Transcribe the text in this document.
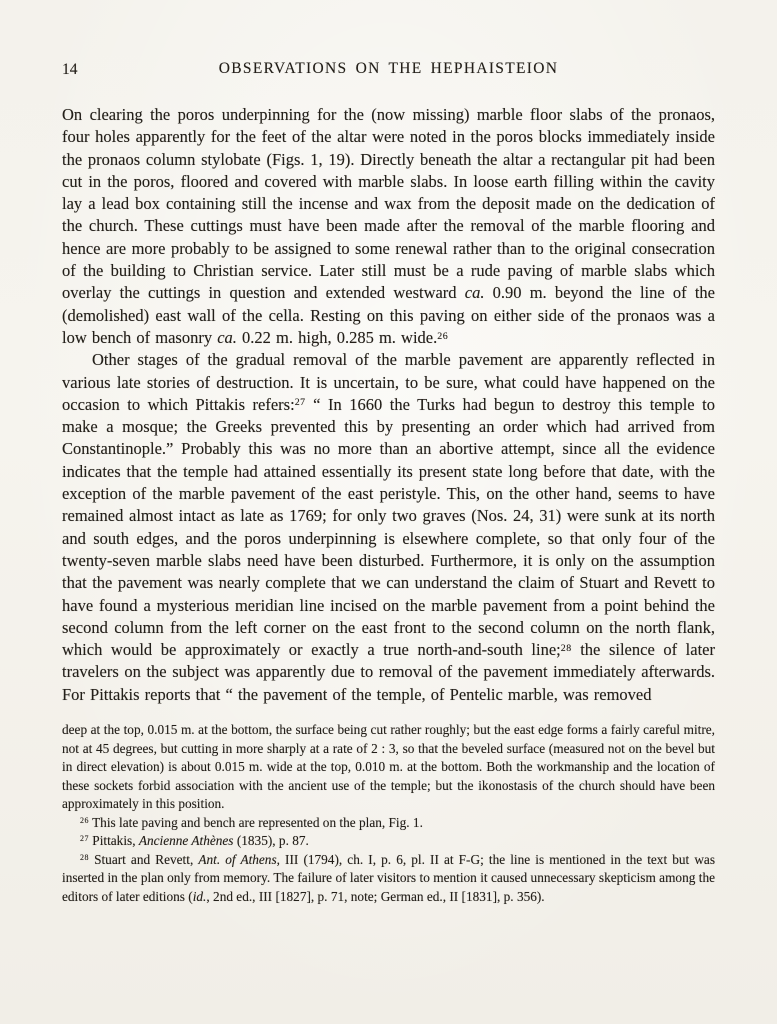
14	OBSERVATIONS ON THE HEPHAISTEION

On clearing the poros underpinning for the (now missing) marble floor slabs of the pronaos, four holes apparently for the feet of the altar were noted in the poros blocks immediately inside the pronaos column stylobate (Figs. 1, 19). Directly beneath the altar a rectangular pit had been cut in the poros, floored and covered with marble slabs. In loose earth filling within the cavity lay a lead box containing still the incense and wax from the deposit made on the dedication of the church. These cuttings must have been made after the removal of the marble flooring and hence are more probably to be assigned to some renewal rather than to the original consecration of the building to Christian service. Later still must be a rude paving of marble slabs which overlay the cuttings in question and extended westward ca. 0.90 m. beyond the line of the (demolished) east wall of the cella. Resting on this paving on either side of the pronaos was a low bench of masonry ca. 0.22 m. high, 0.285 m. wide.$^{26}$

Other stages of the gradual removal of the marble pavement are apparently reflected in various late stories of destruction. It is uncertain, to be sure, what could have happened on the occasion to which Pittakis refers:$^{27}$ “ In 1660 the Turks had begun to destroy this temple to make a mosque; the Greeks prevented this by presenting an order which had arrived from Constantinople.” Probably this was no more than an abortive attempt, since all the evidence indicates that the temple had attained essentially its present state long before that date, with the exception of the marble pavement of the east peristyle. This, on the other hand, seems to have remained almost intact as late as 1769; for only two graves (Nos. 24, 31) were sunk at its north and south edges, and the poros underpinning is elsewhere complete, so that only four of the twenty-seven marble slabs need have been disturbed. Furthermore, it is only on the assumption that the pavement was nearly complete that we can understand the claim of Stuart and Revett to have found a mysterious meridian line incised on the marble pavement from a point behind the second column from the left corner on the east front to the second column on the north flank, which would be approximately or exactly a true north-and-south line;$^{28}$ the silence of later travelers on the subject was apparently due to removal of the pavement immediately afterwards. For Pittakis reports that “ the pavement of the temple, of Pentelic marble, was removed

deep at the top, 0.015 m. at the bottom, the surface being cut rather roughly; but the east edge forms a fairly careful mitre, not at 45 degrees, but cutting in more sharply at a rate of 2 : 3, so that the beveled surface (measured not on the bevel but in direct elevation) is about 0.015 m. wide at the top, 0.010 m. at the bottom. Both the workmanship and the location of these sockets forbid association with the ancient use of the temple; but the ikonostasis of the church should have been approximately in this position.

$^{26}$ This late paving and bench are represented on the plan, Fig. 1.

$^{27}$ Pittakis, Ancienne Athènes (1835), p. 87.

$^{28}$ Stuart and Revett, Ant. of Athens, III (1794), ch. I, p. 6, pl. II at F-G; the line is mentioned in the text but was inserted in the plan only from memory. The failure of later visitors to mention it caused unnecessary skepticism among the editors of later editions (id., 2nd ed., III [1827], p. 71, note; German ed., II [1831], p. 356).
